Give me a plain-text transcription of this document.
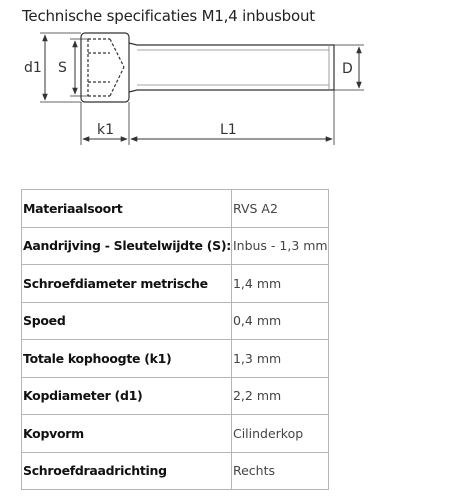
Technische specificaties M1,4 inbusbout
d1 S	D
k1	L1
Materiaalsoort	RVS A2
Aandrijving - Sleutelwijdte (S):	Inbus - 1,3 mm
Schroefdiameter metrische	1,4 mm
Spoed	0,4 mm
Totale kophoogte (k1)	1,3 mm
Kopdiameter (d1)	2,2 mm
Kopvorm	Cilinderkop
Schroefdraadrichting	Rechts
